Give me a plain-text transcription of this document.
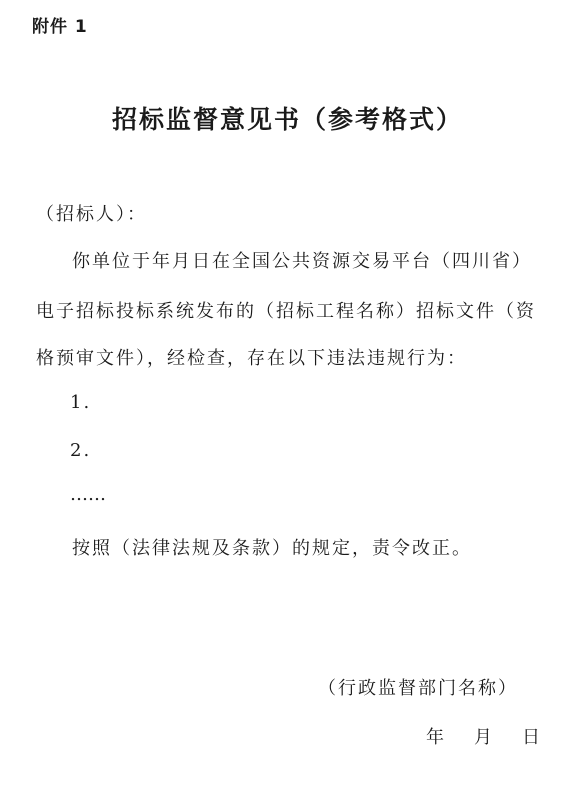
附件 1
招标监督意见书（参考格式）
（招标人）：
你单位于年月日在全国公共资源交易平台（四川省）
电子招标投标系统发布的（招标工程名称）招标文件（资
格预审文件），经检查，存在以下违法违规行为：
1.
2.
……
按照（法律法规及条款）的规定，责令改正。
（行政监督部门名称）
年 月 日
